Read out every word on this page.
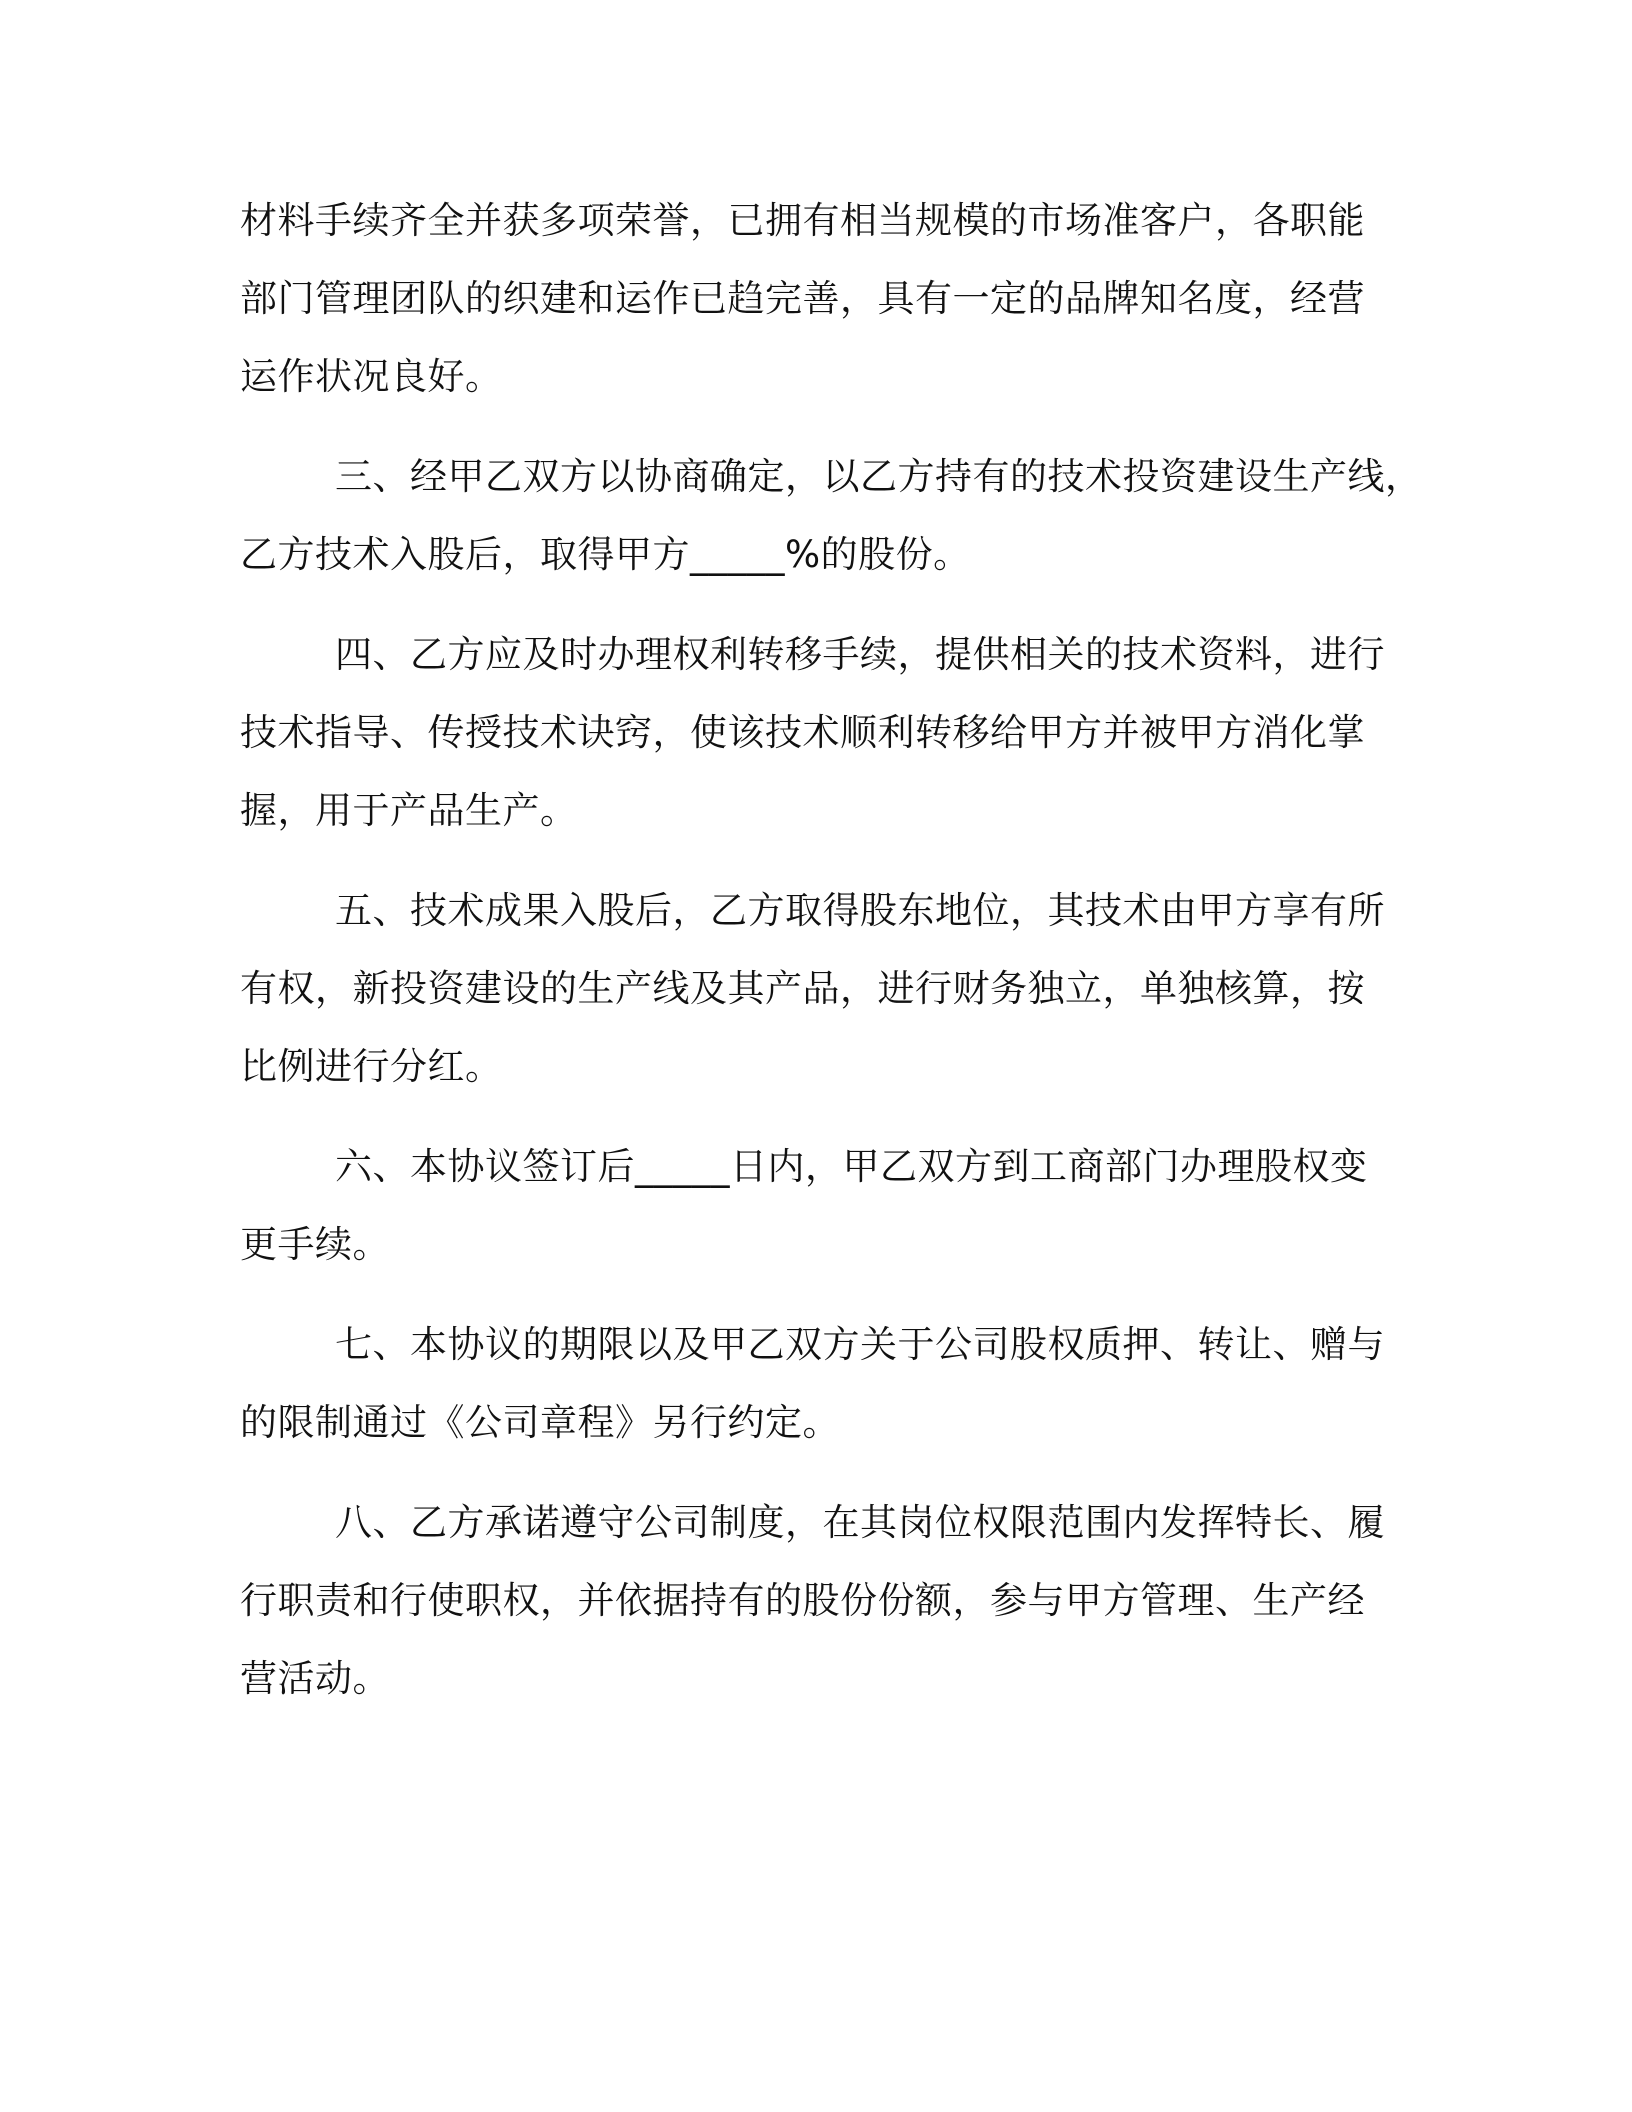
材料手续齐全并获多项荣誉，已拥有相当规模的市场准客户，各职能

部门管理团队的织建和运作已趋完善，具有一定的品牌知名度，经营

运作状况良好。

三、经甲乙双方以协商确定，以乙方持有的技术投资建设生产线，

乙方技术入股后，取得甲方_____%的股份。

四、乙方应及时办理权利转移手续，提供相关的技术资料，进行

技术指导、传授技术诀窍，使该技术顺利转移给甲方并被甲方消化掌

握，用于产品生产。

五、技术成果入股后，乙方取得股东地位，其技术由甲方享有所

有权，新投资建设的生产线及其产品，进行财务独立，单独核算，按

比例进行分红。

六、本协议签订后_____日内，甲乙双方到工商部门办理股权变

更手续。

七、本协议的期限以及甲乙双方关于公司股权质押、转让、赠与

的限制通过《公司章程》另行约定。

八、乙方承诺遵守公司制度，在其岗位权限范围内发挥特长、履

行职责和行使职权，并依据持有的股份份额，参与甲方管理、生产经

营活动。
